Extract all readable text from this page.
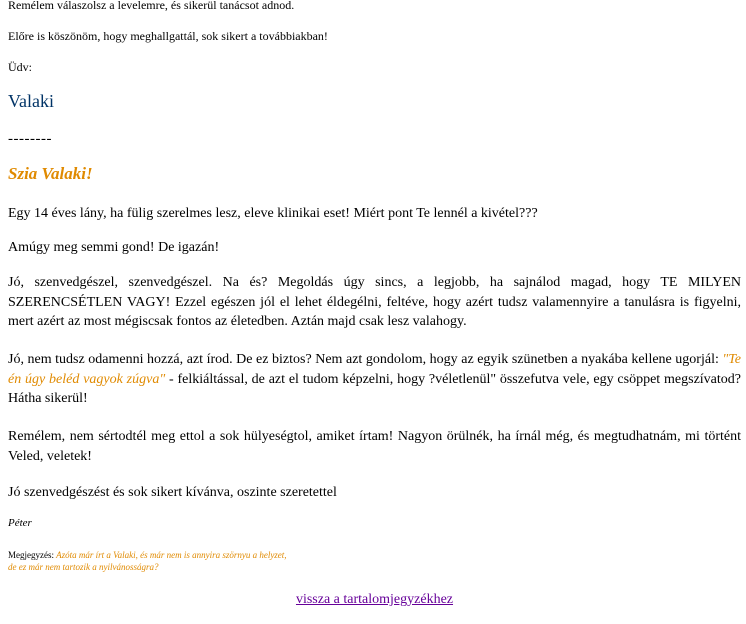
Remélem válaszolsz a levelemre, és sikerül tanácsot adnod.

Előre is köszönöm, hogy meghallgattál, sok sikert a továbbiakban!

Üdv:

Valaki

--------

Szia Valaki!

Egy 14 éves lány, ha fülig szerelmes lesz, eleve klinikai eset! Miért pont Te lennél a kivétel???

Amúgy meg semmi gond! De igazán!

Jó, szenvedgészel, szenvedgészel. Na és? Megoldás úgy sincs, a legjobb, ha sajnálod magad, hogy TE MILYEN SZERENCSÉTLEN VAGY! Ezzel egészen jól el lehet éldegélni, feltéve, hogy azért tudsz valamennyire a tanulásra is figyelni, mert azért az most mégiscsak fontos az életedben. Aztán majd csak lesz valahogy.

Jó, nem tudsz odamenni hozzá, azt írod. De ez biztos? Nem azt gondolom, hogy az egyik szünetben a nyakába kellene ugorjál: "Te én úgy beléd vagyok zúgva" - felkiáltással, de azt el tudom képzelni, hogy ?véletlenül" összefutva vele, egy csöppet megszívatod? Hátha sikerül!

Remélem, nem sértodtél meg ettol a sok hülyeségtol, amiket írtam! Nagyon örülnék, ha írnál még, és megtudhatnám, mi történt Veled, veletek!

Jó szenvedgészést és sok sikert kívánva, oszinte szeretettel

Péter

Megjegyzés: Azóta már írt a Valaki, és már nem is annyira szörnyu a helyzet,
de ez már nem tartozik a nyilvánosságra?

vissza a tartalomjegyzékhez
